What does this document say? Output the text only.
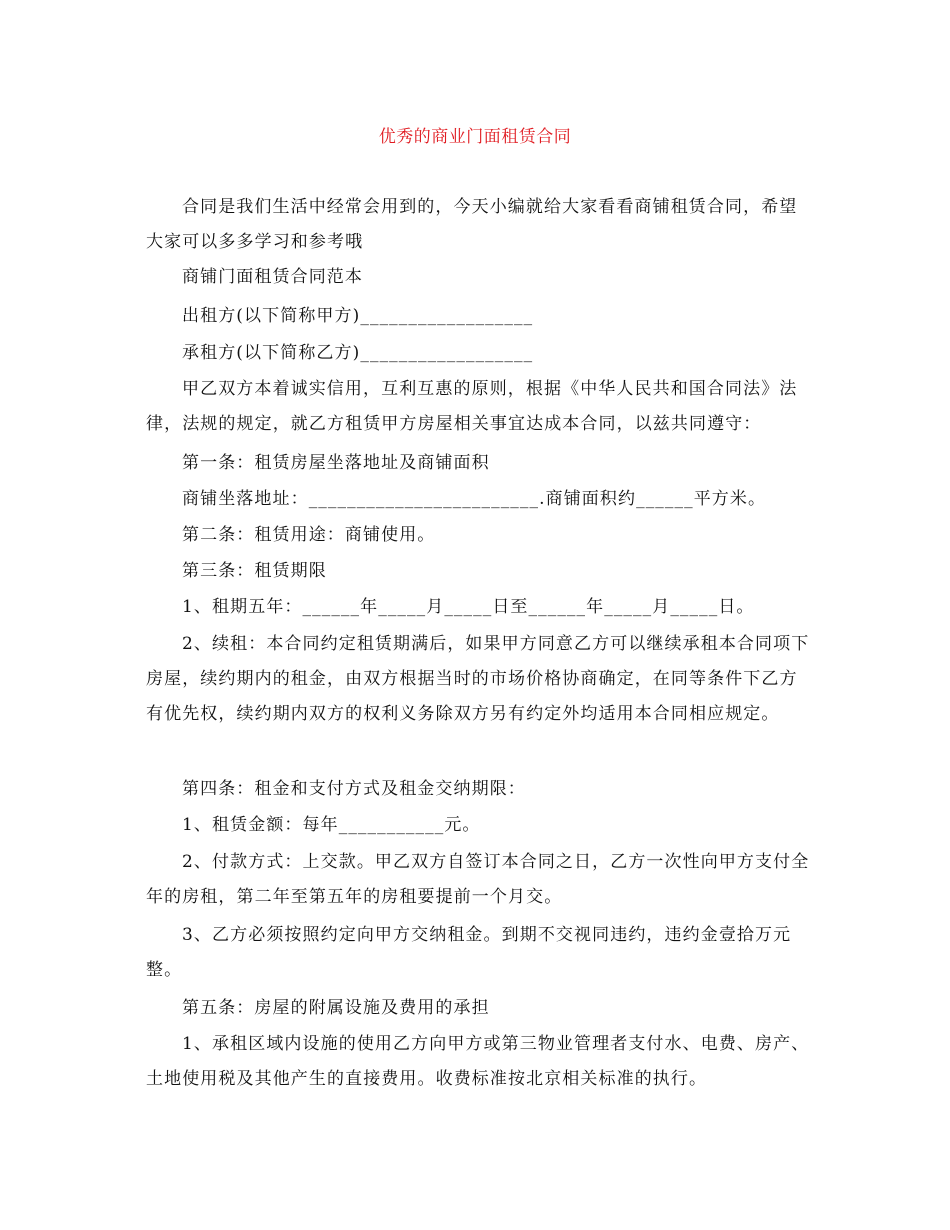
优秀的商业门面租赁合同

合同是我们生活中经常会用到的，今天小编就给大家看看商铺租赁合同，希望大家可以多多学习和参考哦

商铺门面租赁合同范本

出租方(以下简称甲方)__________________

承租方(以下简称乙方)__________________

甲乙双方本着诚实信用，互利互惠的原则，根据《中华人民共和国合同法》法律，法规的规定，就乙方租赁甲方房屋相关事宜达成本合同，以兹共同遵守：

第一条：租赁房屋坐落地址及商铺面积

商铺坐落地址：________________________.商铺面积约______平方米。

第二条：租赁用途：商铺使用。

第三条：租赁期限

1、租期五年：______年_____月_____日至______年_____月_____日。

2、续租：本合同约定租赁期满后，如果甲方同意乙方可以继续承租本合同项下房屋，续约期内的租金，由双方根据当时的市场价格协商确定，在同等条件下乙方有优先权，续约期内双方的权利义务除双方另有约定外均适用本合同相应规定。

第四条：租金和支付方式及租金交纳期限：

1、租赁金额：每年___________元。

2、付款方式：上交款。甲乙双方自签订本合同之日，乙方一次性向甲方支付全年的房租，第二年至第五年的房租要提前一个月交。

3、乙方必须按照约定向甲方交纳租金。到期不交视同违约，违约金壹拾万元整。

第五条：房屋的附属设施及费用的承担

1、承租区域内设施的使用乙方向甲方或第三物业管理者支付水、电费、房产、土地使用税及其他产生的直接费用。收费标准按北京相关标准的执行。
